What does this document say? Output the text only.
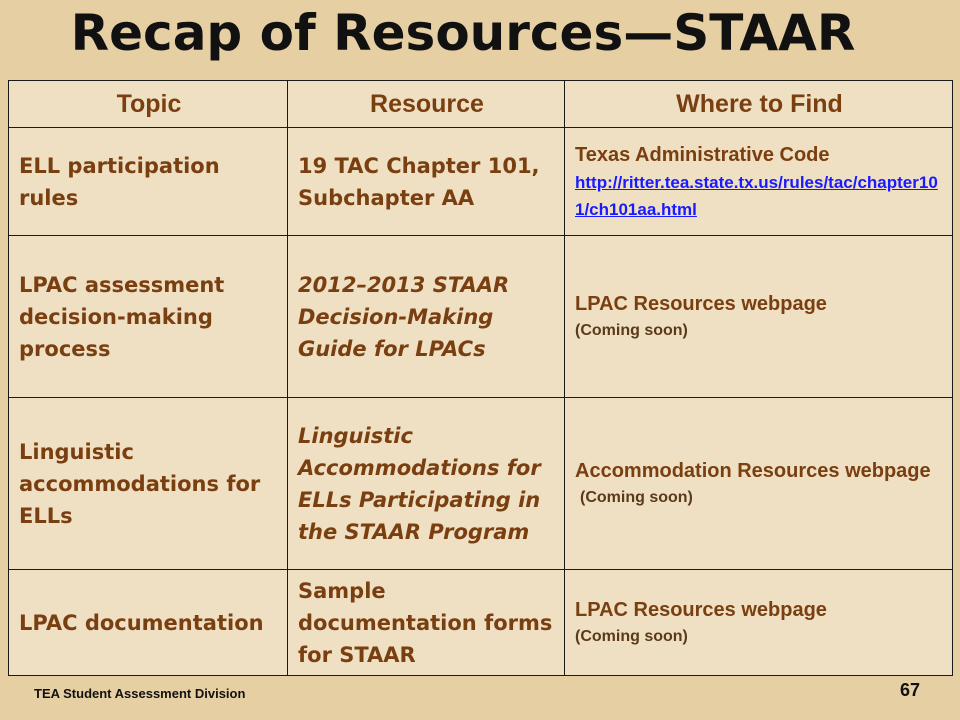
Recap of Resources—STAAR
Topic	Resource	Where to Find
ELL participation rules	19 TAC Chapter 101, Subchapter AA	Texas Administrative Code
http://ritter.tea.state.tx.us/rules/tac/chapter101/ch101aa.html

LPAC assessment decision-making process	2012–2013 STAAR Decision-Making Guide for LPACs	LPAC Resources webpage
(Coming soon)

Linguistic accommodations for ELLs	Linguistic Accommodations for ELLs Participating in the STAAR Program	Accommodation Resources webpage
(Coming soon)

LPAC documentation	Sample documentation forms for STAAR	LPAC Resources webpage
(Coming soon)
TEA Student Assessment Division	67
